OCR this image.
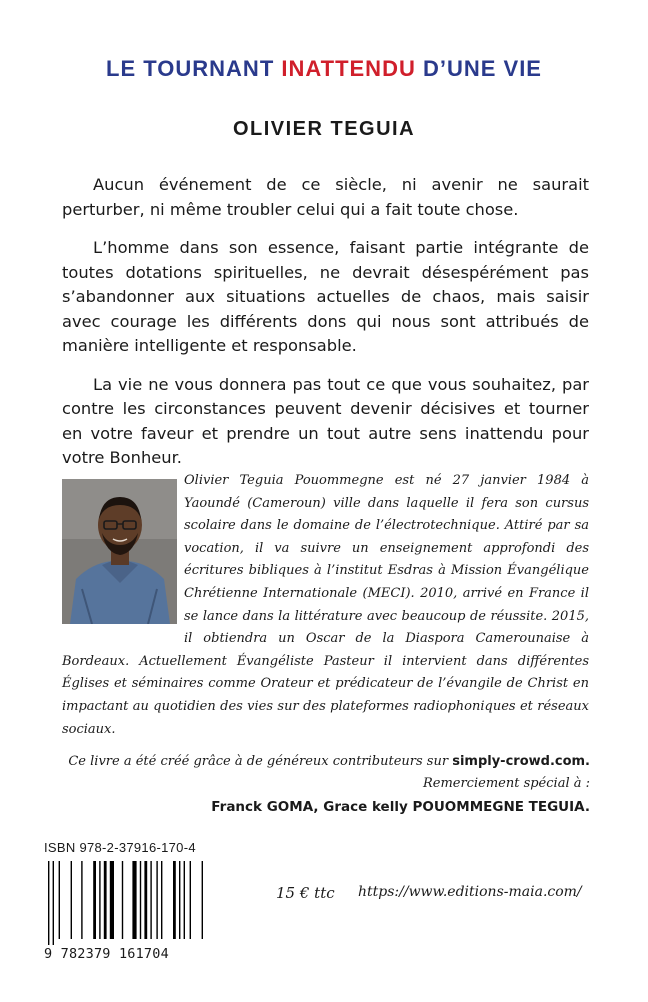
LE TOURNANT INATTENDU D’UNE VIE
OLIVIER TEGUIA

Aucun événement de ce siècle, ni avenir ne saurait perturber, ni même troubler celui qui a fait toute chose.

L’homme dans son essence, faisant partie intégrante de toutes dotations spirituelles, ne devrait désespérément pas s’abandonner aux situations actuelles de chaos, mais saisir avec courage les différents dons qui nous sont attribués de manière intelligente et responsable.

La vie ne vous donnera pas tout ce que vous souhaitez, par contre les circonstances peuvent devenir décisives et tourner en votre faveur et prendre un tout autre sens inattendu pour votre Bonheur.

Olivier Teguia Pouommegne est né 27 janvier 1984 à Yaoundé (Cameroun) ville dans laquelle il fera son cursus scolaire dans le domaine de l’électrotechnique. Attiré par sa vocation, il va suivre un enseignement approfondi des écritures bibliques à l’institut Esdras à Mission Évangélique Chrétienne Internationale (MECI). 2010, arrivé en France il se lance dans la littérature avec beaucoup de réussite. 2015, il obtiendra un Oscar de la Diaspora Camerounaise à Bordeaux. Actuellement Évangéliste Pasteur il intervient dans différentes Églises et séminaires comme Orateur et prédicateur de l’évangile de Christ en impactant au quotidien des vies sur des plateformes radiophoniques et réseaux sociaux.

Ce livre a été créé grâce à de généreux contributeurs sur simply-crowd.com.
Remerciement spécial à :
Franck GOMA, Grace kelly POUOMMEGNE TEGUIA.
ISBN 978-2-37916-170-4
9 782379 161704
15 € ttc https://www.editions-maia.com/
